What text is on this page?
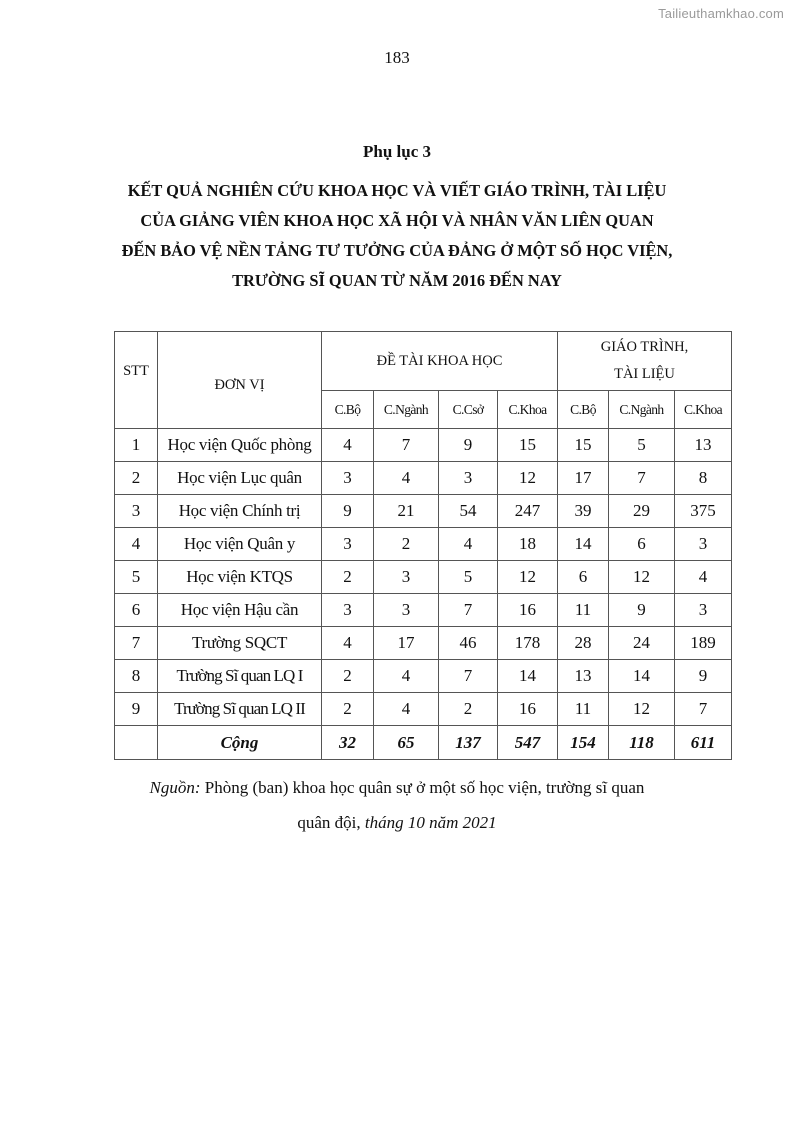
Tailieuthamkhao.com
183
Phụ lục 3
KẾT QUẢ NGHIÊN CỨU KHOA HỌC VÀ VIẾT GIÁO TRÌNH, TÀI LIỆU
CỦA GIẢNG VIÊN KHOA HỌC XÃ HỘI VÀ NHÂN VĂN LIÊN QUAN
ĐẾN BẢO VỆ NỀN TẢNG TƯ TƯỞNG CỦA ĐẢNG Ở MỘT SỐ HỌC VIỆN,
TRƯỜNG SĨ QUAN TỪ NĂM 2016 ĐẾN NAY
STT	ĐƠN VỊ	ĐỀ TÀI KHOA HỌC				GIÁO TRÌNH,
TÀI LIỆU		

		C.Bộ	C.Ngành	C.Csở	C.Khoa	C.Bộ	C.Ngành	C.Khoa
1	Học viện Quốc phòng	4	7	9	15	15	5	13
2	Học viện Lục quân	3	4	3	12	17	7	8
3	Học viện Chính trị	9	21	54	247	39	29	375
4	Học viện Quân y	3	2	4	18	14	6	3
5	Học viện KTQS	2	3	5	12	6	12	4
6	Học viện Hậu cần	3	3	7	16	11	9	3
7	Trường SQCT	4	17	46	178	28	24	189
8	Trường Sĩ quan LQ I	2	4	7	14	13	14	9
9	Trường Sĩ quan LQ II	2	4	2	16	11	12	7
	Cộng	32	65	137	547	154	118	611
Nguồn: Phòng (ban) khoa học quân sự ở một số học viện, trường sĩ quan
quân đội, tháng 10 năm 2021
